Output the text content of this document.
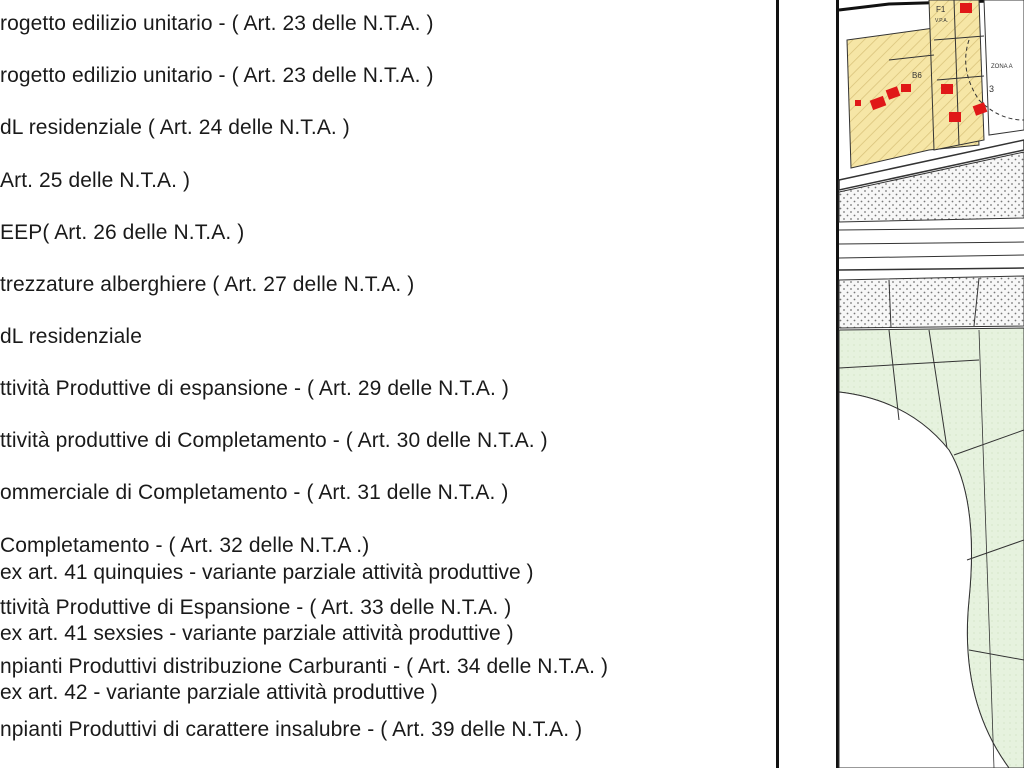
rogetto edilizio unitario - ( Art. 23 delle N.T.A. )
rogetto edilizio unitario - ( Art. 23 delle N.T.A. )
dL residenziale ( Art. 24 delle N.T.A. )
Art. 25 delle N.T.A. )
EEP( Art. 26 delle N.T.A. )
trezzature alberghiere ( Art. 27 delle N.T.A. )
dL residenziale
ttività Produttive di espansione - ( Art. 29 delle N.T.A. )
ttività produttive di Completamento - ( Art. 30 delle N.T.A. )
ommerciale di Completamento - ( Art. 31 delle N.T.A. )
Completamento - ( Art. 32 delle N.T.A .)
ex art. 41 quinquies - variante parziale attività produttive )
ttività Produttive di Espansione - ( Art. 33 delle N.T.A. )
ex art. 41 sexsies - variante parziale attività produttive )
npianti Produttivi distribuzione Carburanti - ( Art. 34 delle N.T.A. )
ex art. 42 - variante parziale attività produttive )
npianti Produttivi di carattere insalubre - ( Art. 39 delle N.T.A. )
F1
V.P.A.
B6
ZONA A
3
